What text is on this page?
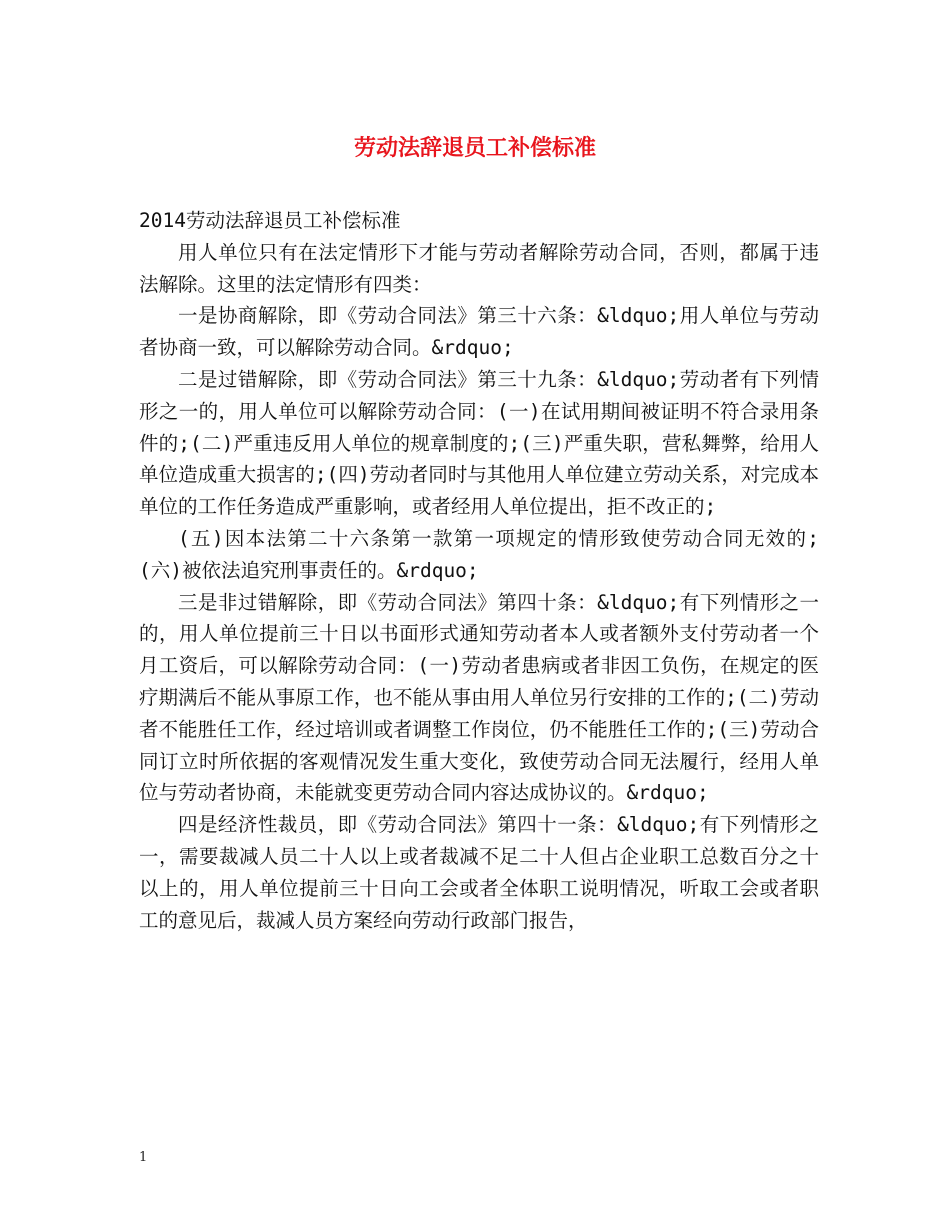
劳动法辞退员工补偿标准

2014劳动法辞退员工补偿标准

用人单位只有在法定情形下才能与劳动者解除劳动合同，否则，都属于违法解除。这里的法定情形有四类：

一是协商解除，即《劳动合同法》第三十六条：&ldquo;用人单位与劳动者协商一致，可以解除劳动合同。&rdquo;

二是过错解除，即《劳动合同法》第三十九条：&ldquo;劳动者有下列情形之一的，用人单位可以解除劳动合同：(一)在试用期间被证明不符合录用条件的;(二)严重违反用人单位的规章制度的;(三)严重失职，营私舞弊，给用人单位造成重大损害的;(四)劳动者同时与其他用人单位建立劳动关系，对完成本单位的工作任务造成严重影响，或者经用人单位提出，拒不改正的;

(五)因本法第二十六条第一款第一项规定的情形致使劳动合同无效的;(六)被依法追究刑事责任的。&rdquo;

三是非过错解除，即《劳动合同法》第四十条：&ldquo;有下列情形之一的，用人单位提前三十日以书面形式通知劳动者本人或者额外支付劳动者一个月工资后，可以解除劳动合同：(一)劳动者患病或者非因工负伤，在规定的医疗期满后不能从事原工作，也不能从事由用人单位另行安排的工作的;(二)劳动者不能胜任工作，经过培训或者调整工作岗位，仍不能胜任工作的;(三)劳动合同订立时所依据的客观情况发生重大变化，致使劳动合同无法履行，经用人单位与劳动者协商，未能就变更劳动合同内容达成协议的。&rdquo;

四是经济性裁员，即《劳动合同法》第四十一条：&ldquo;有下列情形之一，需要裁减人员二十人以上或者裁减不足二十人但占企业职工总数百分之十以上的，用人单位提前三十日向工会或者全体职工说明情况，听取工会或者职工的意见后，裁减人员方案经向劳动行政部门报告，

1
